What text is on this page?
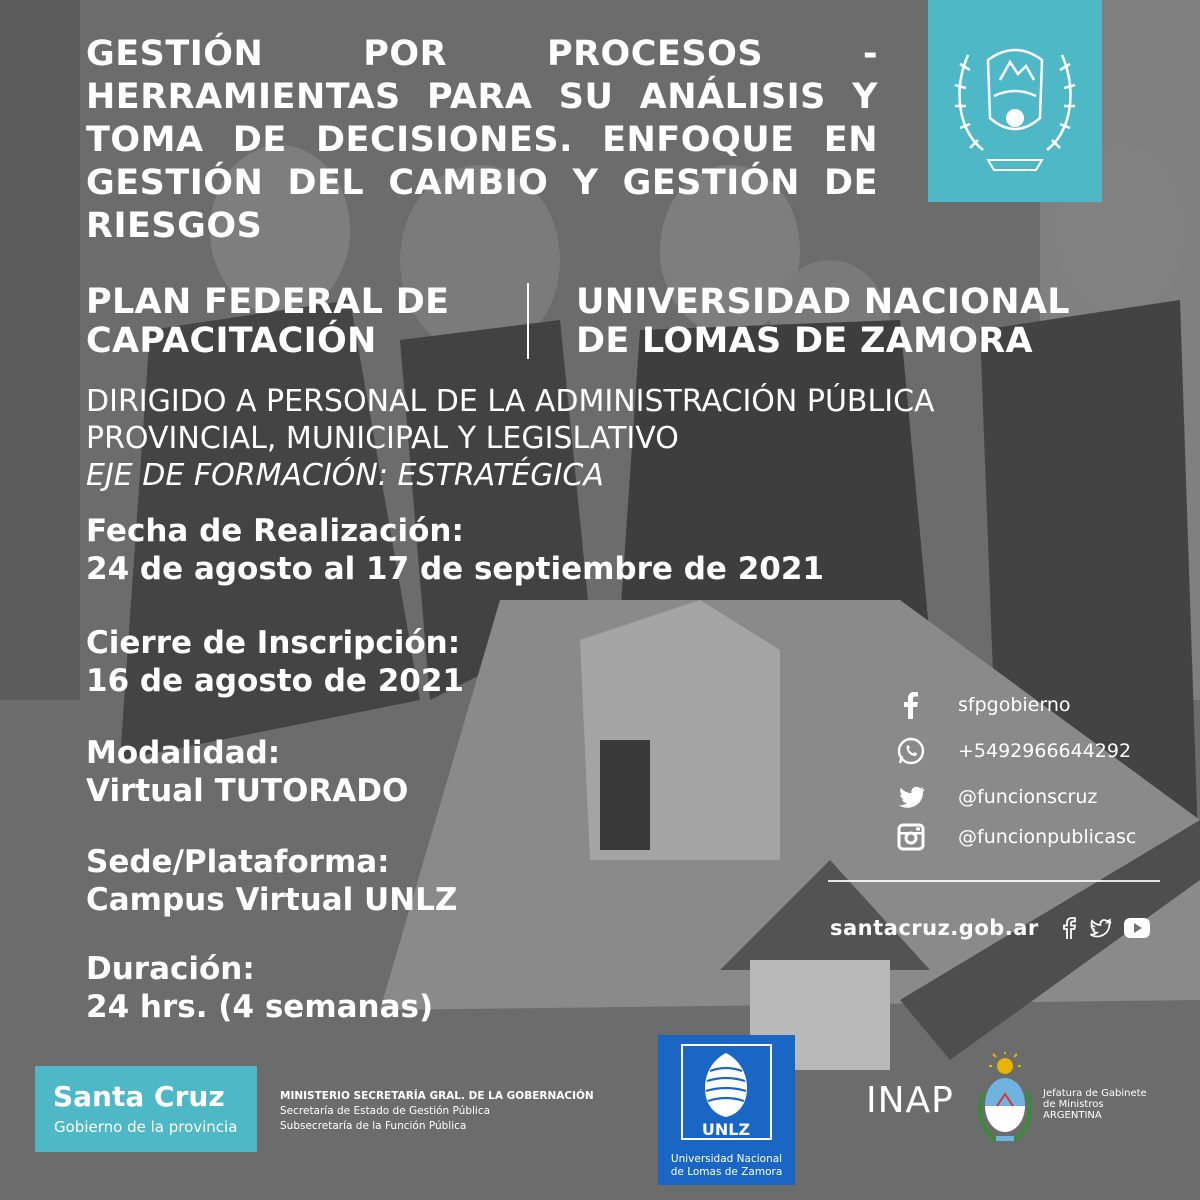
GESTIÓN POR PROCESOS - HERRAMIENTAS PARA SU ANÁLISIS Y TOMA DE DECISIONES. ENFOQUE EN GESTIÓN DEL CAMBIO Y GESTIÓN DE RIESGOS
PLAN FEDERAL DE
CAPACITACIÓN
UNIVERSIDAD NACIONAL
DE LOMAS DE ZAMORA
DIRIGIDO A PERSONAL DE LA ADMINISTRACIÓN PÚBLICA
PROVINCIAL, MUNICIPAL Y LEGISLATIVO
EJE DE FORMACIÓN: ESTRATÉGICA
Fecha de Realización:
24 de agosto al 17 de septiembre de 2021
Cierre de Inscripción:
16 de agosto de 2021
Modalidad:
Virtual TUTORADO
Sede/Plataforma:
Campus Virtual UNLZ
Duración:
24 hrs. (4 semanas)
sfpgobierno
+5492966644292
@funcionscruz
@funcionpublicasc
santacruz.gob.ar
Santa Cruz
Gobierno de la provincia
MINISTERIO SECRETARÍA GRAL. DE LA GOBERNACIÓN
Secretaría de Estado de Gestión Pública
Subsecretaría de la Función Pública	UNLZ
Universidad Nacional
de Lomas de Zamora
INAP	Jefatura de Gabinete
de Ministros
ARGENTINA
